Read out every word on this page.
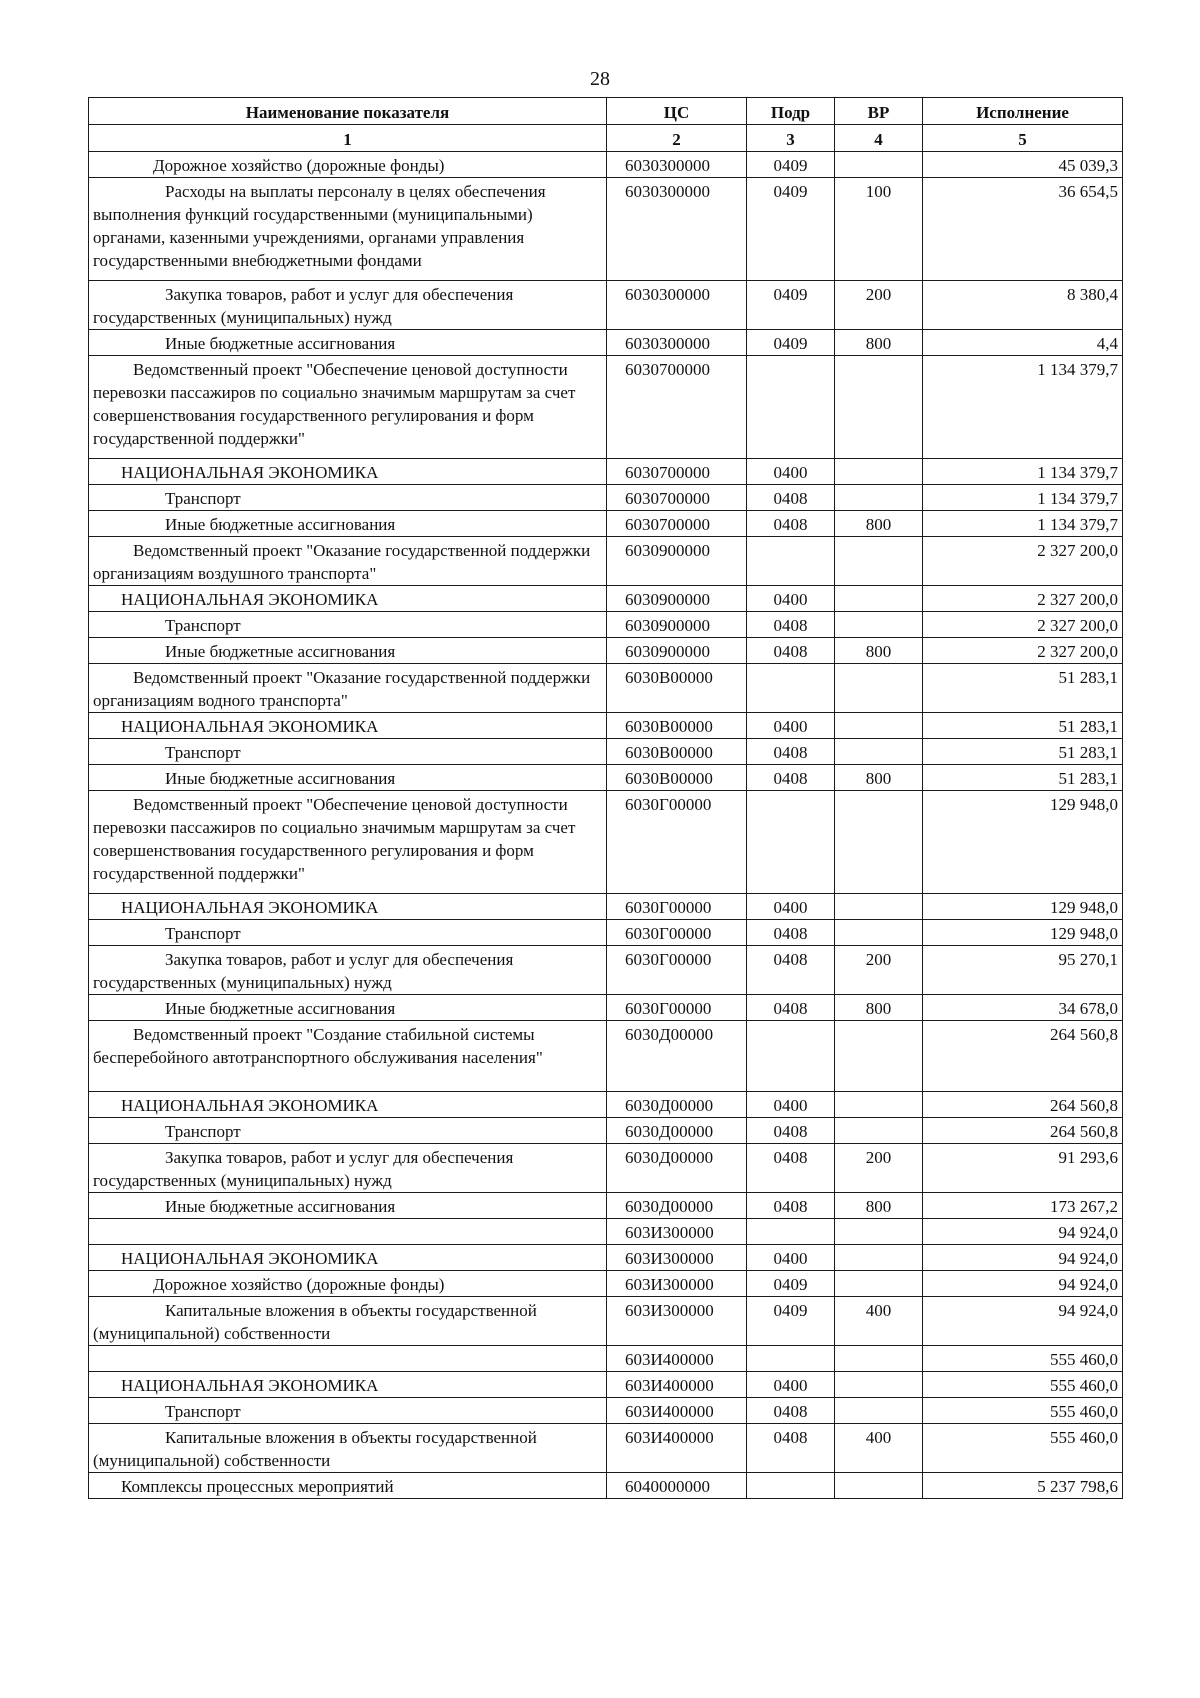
28
Наименование показателя	ЦС	Подр	ВР	Исполнение
1	2	3	4	5
Дорожное хозяйство (дорожные фонды)	6030300000	0409		45 039,3
Расходы на выплаты персоналу в целях обеспечения выполнения функций государственными (муниципальными) органами, казенными учреждениями, органами управления государственными внебюджетными фондами	6030300000	0409	100	36 654,5
Закупка товаров, работ и услуг для обеспечения государственных (муниципальных) нужд	6030300000	0409	200	8 380,4
Иные бюджетные ассигнования	6030300000	0409	800	4,4
Ведомственный проект "Обеспечение ценовой доступности перевозки пассажиров по социально значимым маршрутам за счет совершенствования государственного регулирования и форм государственной поддержки"	6030700000			1 134 379,7
НАЦИОНАЛЬНАЯ ЭКОНОМИКА	6030700000	0400		1 134 379,7
Транспорт	6030700000	0408		1 134 379,7
Иные бюджетные ассигнования	6030700000	0408	800	1 134 379,7
Ведомственный проект "Оказание государственной поддержки организациям воздушного транспорта"	6030900000			2 327 200,0
НАЦИОНАЛЬНАЯ ЭКОНОМИКА	6030900000	0400		2 327 200,0
Транспорт	6030900000	0408		2 327 200,0
Иные бюджетные ассигнования	6030900000	0408	800	2 327 200,0
Ведомственный проект "Оказание государственной поддержки организациям водного транспорта"	6030В00000			51 283,1
НАЦИОНАЛЬНАЯ ЭКОНОМИКА	6030В00000	0400		51 283,1
Транспорт	6030В00000	0408		51 283,1
Иные бюджетные ассигнования	6030В00000	0408	800	51 283,1
Ведомственный проект "Обеспечение ценовой доступности перевозки пассажиров по социально значимым маршрутам за счет совершенствования государственного регулирования и форм государственной поддержки"	6030Г00000			129 948,0
НАЦИОНАЛЬНАЯ ЭКОНОМИКА	6030Г00000	0400		129 948,0
Транспорт	6030Г00000	0408		129 948,0
Закупка товаров, работ и услуг для обеспечения государственных (муниципальных) нужд	6030Г00000	0408	200	95 270,1
Иные бюджетные ассигнования	6030Г00000	0408	800	34 678,0
Ведомственный проект "Создание стабильной системы бесперебойного автотранспортного обслуживания населения"	6030Д00000			264 560,8
НАЦИОНАЛЬНАЯ ЭКОНОМИКА	6030Д00000	0400		264 560,8
Транспорт	6030Д00000	0408		264 560,8
Закупка товаров, работ и услуг для обеспечения государственных (муниципальных) нужд	6030Д00000	0408	200	91 293,6
Иные бюджетные ассигнования	6030Д00000	0408	800	173 267,2
	603И300000			94 924,0
НАЦИОНАЛЬНАЯ ЭКОНОМИКА	603И300000	0400		94 924,0
Дорожное хозяйство (дорожные фонды)	603И300000	0409		94 924,0
Капитальные вложения в объекты государственной (муниципальной) собственности	603И300000	0409	400	94 924,0
	603И400000			555 460,0
НАЦИОНАЛЬНАЯ ЭКОНОМИКА	603И400000	0400		555 460,0
Транспорт	603И400000	0408		555 460,0
Капитальные вложения в объекты государственной (муниципальной) собственности	603И400000	0408	400	555 460,0
Комплексы процессных мероприятий	6040000000			5 237 798,6
